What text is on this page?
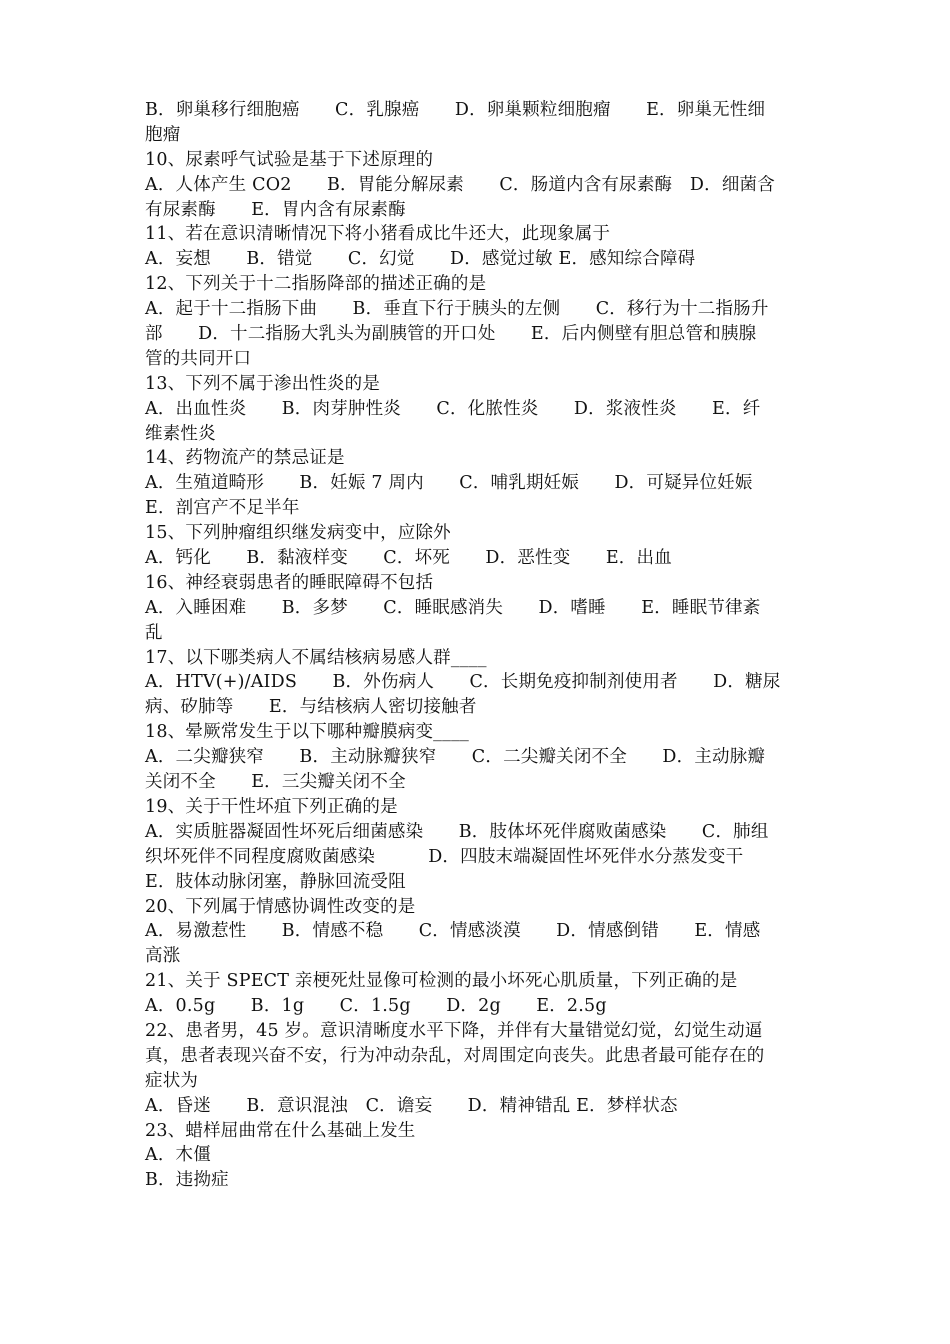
B．卵巢移行细胞癌　　C．乳腺癌　　D．卵巢颗粒细胞瘤　　E．卵巢无性细
胞瘤
10、尿素呼气试验是基于下述原理的
A．人体产生 CO2　　B．胃能分解尿素　　C．肠道内含有尿素酶　D．细菌含
有尿素酶　　E．胃内含有尿素酶
11、若在意识清晰情况下将小猪看成比牛还大，此现象属于
A．妄想　　B．错觉　　C．幻觉　　D．感觉过敏 E．感知综合障碍
12、下列关于十二指肠降部的描述正确的是
A．起于十二指肠下曲　　B．垂直下行于胰头的左侧　　C．移行为十二指肠升
部　　D．十二指肠大乳头为副胰管的开口处　　E．后内侧壁有胆总管和胰腺
管的共同开口
13、下列不属于渗出性炎的是
A．出血性炎　　B．肉芽肿性炎　　C．化脓性炎　　D．浆液性炎　　E．纤
维素性炎
14、药物流产的禁忌证是
A．生殖道畸形　　B．妊娠 7 周内　　C．哺乳期妊娠　　D．可疑异位妊娠
E．剖宫产不足半年
15、下列肿瘤组织继发病变中，应除外
A．钙化　　B．黏液样变　　C．坏死　　D．恶性变　　E．出血
16、神经衰弱患者的睡眠障碍不包括
A．入睡困难　　B．多梦　　C．睡眠感消失　　D．嗜睡　　E．睡眠节律紊
乱
17、以下哪类病人不属结核病易感人群____
A．HTV(+)/AIDS　　B．外伤病人　　C．长期免疫抑制剂使用者　　D．糖尿
病、矽肺等　　E．与结核病人密切接触者
18、晕厥常发生于以下哪种瓣膜病变____
A．二尖瓣狭窄　　B．主动脉瓣狭窄　　C．二尖瓣关闭不全　　D．主动脉瓣
关闭不全　　E．三尖瓣关闭不全
19、关于干性坏疽下列正确的是
A．实质脏器凝固性坏死后细菌感染　　B．肢体坏死伴腐败菌感染　　C．肺组
织坏死伴不同程度腐败菌感染　　　D．四肢末端凝固性坏死伴水分蒸发变干
E．肢体动脉闭塞，静脉回流受阻
20、下列属于情感协调性改变的是
A．易激惹性　　B．情感不稳　　C．情感淡漠　　D．情感倒错　　E．情感
高涨
21、关于 SPECT 亲梗死灶显像可检测的最小坏死心肌质量，下列正确的是
A．0.5g　　B．1g　　C．1.5g　　D．2g　　E．2.5g
22、患者男，45 岁。意识清晰度水平下降，并伴有大量错觉幻觉，幻觉生动逼
真，患者表现兴奋不安，行为冲动杂乱，对周围定向丧失。此患者最可能存在的
症状为
A．昏迷　　B．意识混浊　C．谵妄　　D．精神错乱 E．梦样状态
23、蜡样屈曲常在什么基础上发生
A．木僵
B．违拗症
